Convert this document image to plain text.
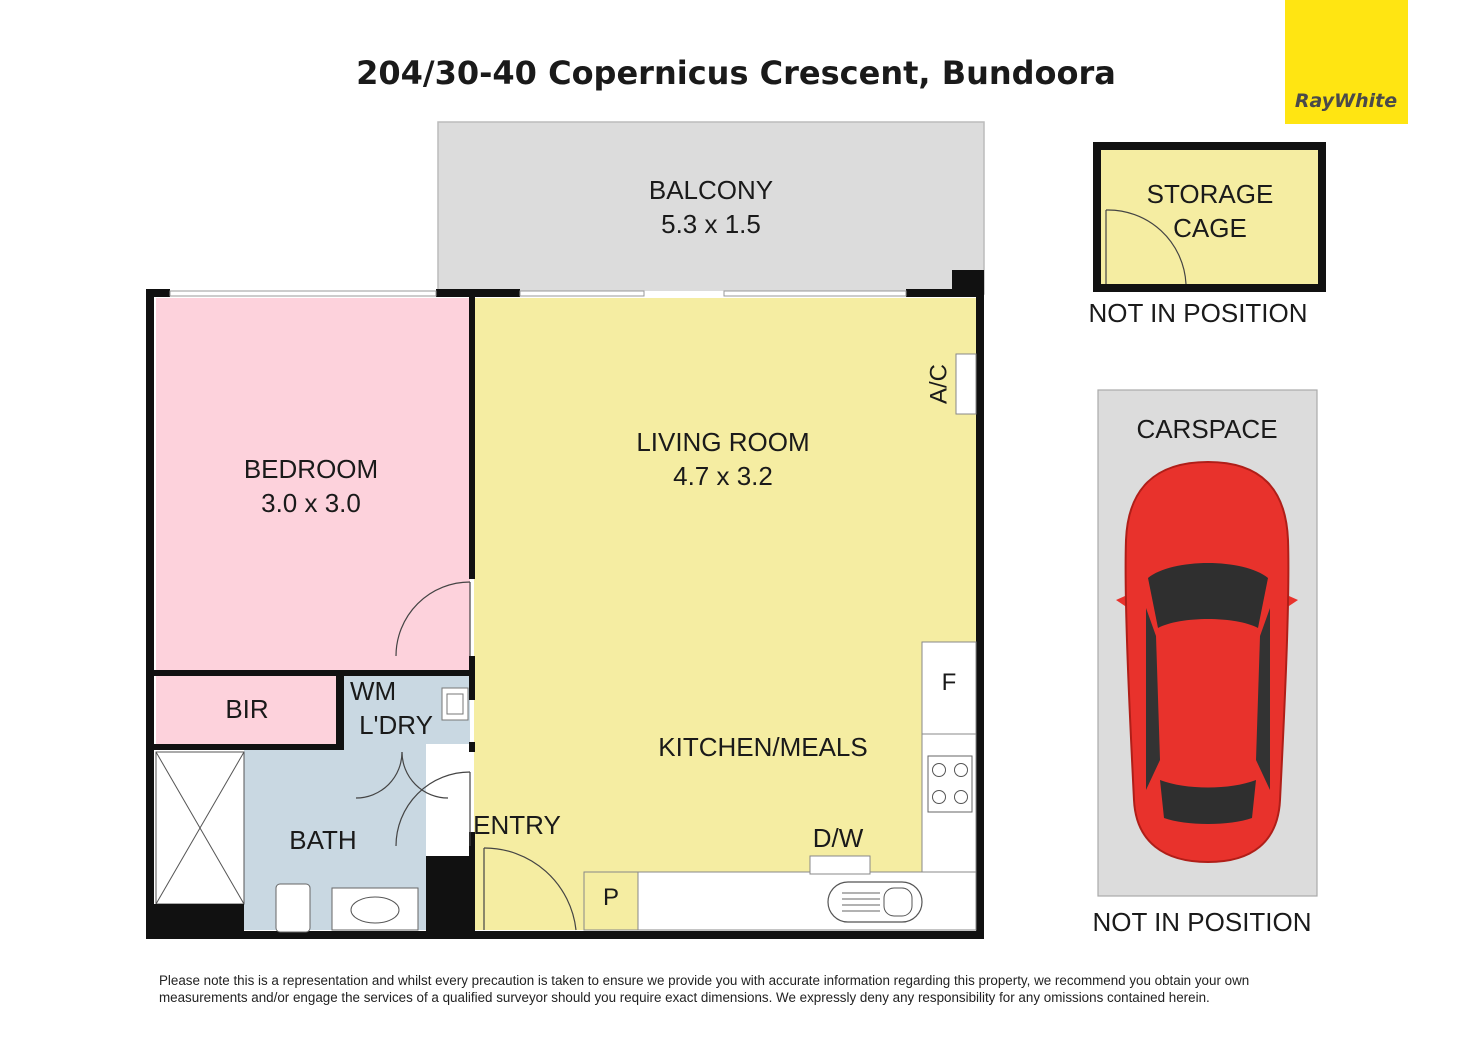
204/30-40 Copernicus Crescent, Bundoora
RayWhite
BALCONY
5.3 x 1.5
A/C
F
P
LIVING ROOM
4.7 x 3.2
BEDROOM
3.0 x 3.0
BIR
WM
L'DRY
BATH
KITCHEN/MEALS
ENTRY	D/W
STORAGE
CAGE
NOT IN POSITION
CARSPACE
NOT IN POSITION

Please note this is a representation and whilst every precaution is taken to ensure we provide you with accurate information regarding this property, we recommend you obtain your own measurements and/or engage the services of a qualified surveyor should you require exact dimensions. We expressly deny any responsibility for any omissions contained herein.
